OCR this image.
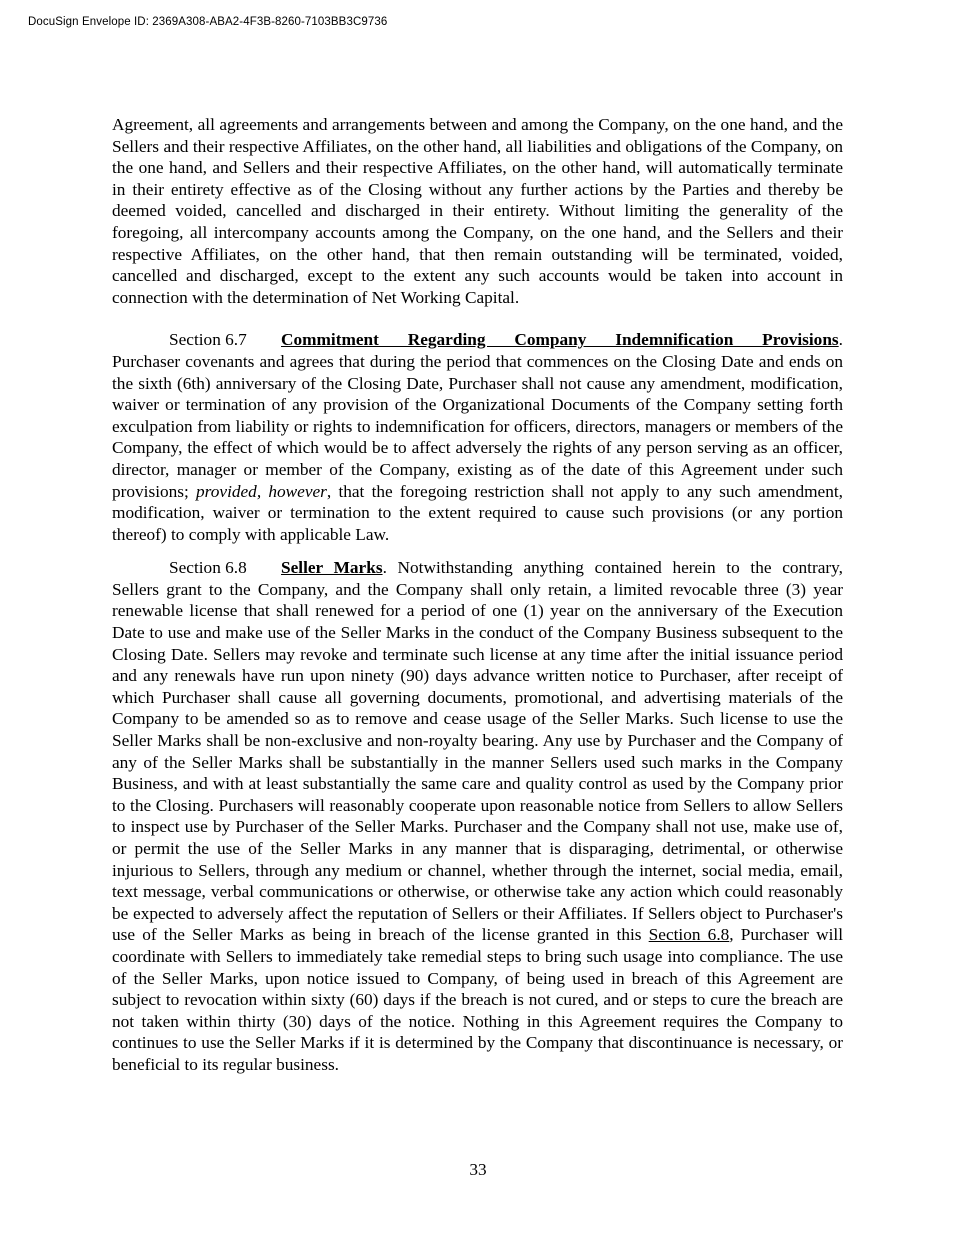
DocuSign Envelope ID: 2369A308-ABA2-4F3B-8260-7103BB3C9736

Agreement, all agreements and arrangements between and among the Company, on the one hand, and the Sellers and their respective Affiliates, on the other hand, all liabilities and obligations of the Company, on the one hand, and Sellers and their respective Affiliates, on the other hand, will automatically terminate in their entirety effective as of the Closing without any further actions by the Parties and thereby be deemed voided, cancelled and discharged in their entirety. Without limiting the generality of the foregoing, all intercompany accounts among the Company, on the one hand, and the Sellers and their respective Affiliates, on the other hand, that then remain outstanding will be terminated, voided, cancelled and discharged, except to the extent any such accounts would be taken into account in connection with the determination of Net Working Capital.

Section 6.7 Commitment Regarding Company Indemnification Provisions. Purchaser covenants and agrees that during the period that commences on the Closing Date and ends on the sixth (6th) anniversary of the Closing Date, Purchaser shall not cause any amendment, modification, waiver or termination of any provision of the Organizational Documents of the Company setting forth exculpation from liability or rights to indemnification for officers, directors, managers or members of the Company, the effect of which would be to affect adversely the rights of any person serving as an officer, director, manager or member of the Company, existing as of the date of this Agreement under such provisions; provided, however, that the foregoing restriction shall not apply to any such amendment, modification, waiver or termination to the extent required to cause such provisions (or any portion thereof) to comply with applicable Law.

Section 6.8 Seller Marks. Notwithstanding anything contained herein to the contrary, Sellers grant to the Company, and the Company shall only retain, a limited revocable three (3) year renewable license that shall renewed for a period of one (1) year on the anniversary of the Execution Date to use and make use of the Seller Marks in the conduct of the Company Business subsequent to the Closing Date. Sellers may revoke and terminate such license at any time after the initial issuance period and any renewals have run upon ninety (90) days advance written notice to Purchaser, after receipt of which Purchaser shall cause all governing documents, promotional, and advertising materials of the Company to be amended so as to remove and cease usage of the Seller Marks. Such license to use the Seller Marks shall be non-exclusive and non-royalty bearing. Any use by Purchaser and the Company of any of the Seller Marks shall be substantially in the manner Sellers used such marks in the Company Business, and with at least substantially the same care and quality control as used by the Company prior to the Closing. Purchasers will reasonably cooperate upon reasonable notice from Sellers to allow Sellers to inspect use by Purchaser of the Seller Marks. Purchaser and the Company shall not use, make use of, or permit the use of the Seller Marks in any manner that is disparaging, detrimental, or otherwise injurious to Sellers, through any medium or channel, whether through the internet, social media, email, text message, verbal communications or otherwise, or otherwise take any action which could reasonably be expected to adversely affect the reputation of Sellers or their Affiliates. If Sellers object to Purchaser's use of the Seller Marks as being in breach of the license granted in this Section 6.8, Purchaser will coordinate with Sellers to immediately take remedial steps to bring such usage into compliance. The use of the Seller Marks, upon notice issued to Company, of being used in breach of this Agreement are subject to revocation within sixty (60) days if the breach is not cured, and or steps to cure the breach are not taken within thirty (30) days of the notice. Nothing in this Agreement requires the Company to continues to use the Seller Marks if it is determined by the Company that discontinuance is necessary, or beneficial to its regular business.

33
